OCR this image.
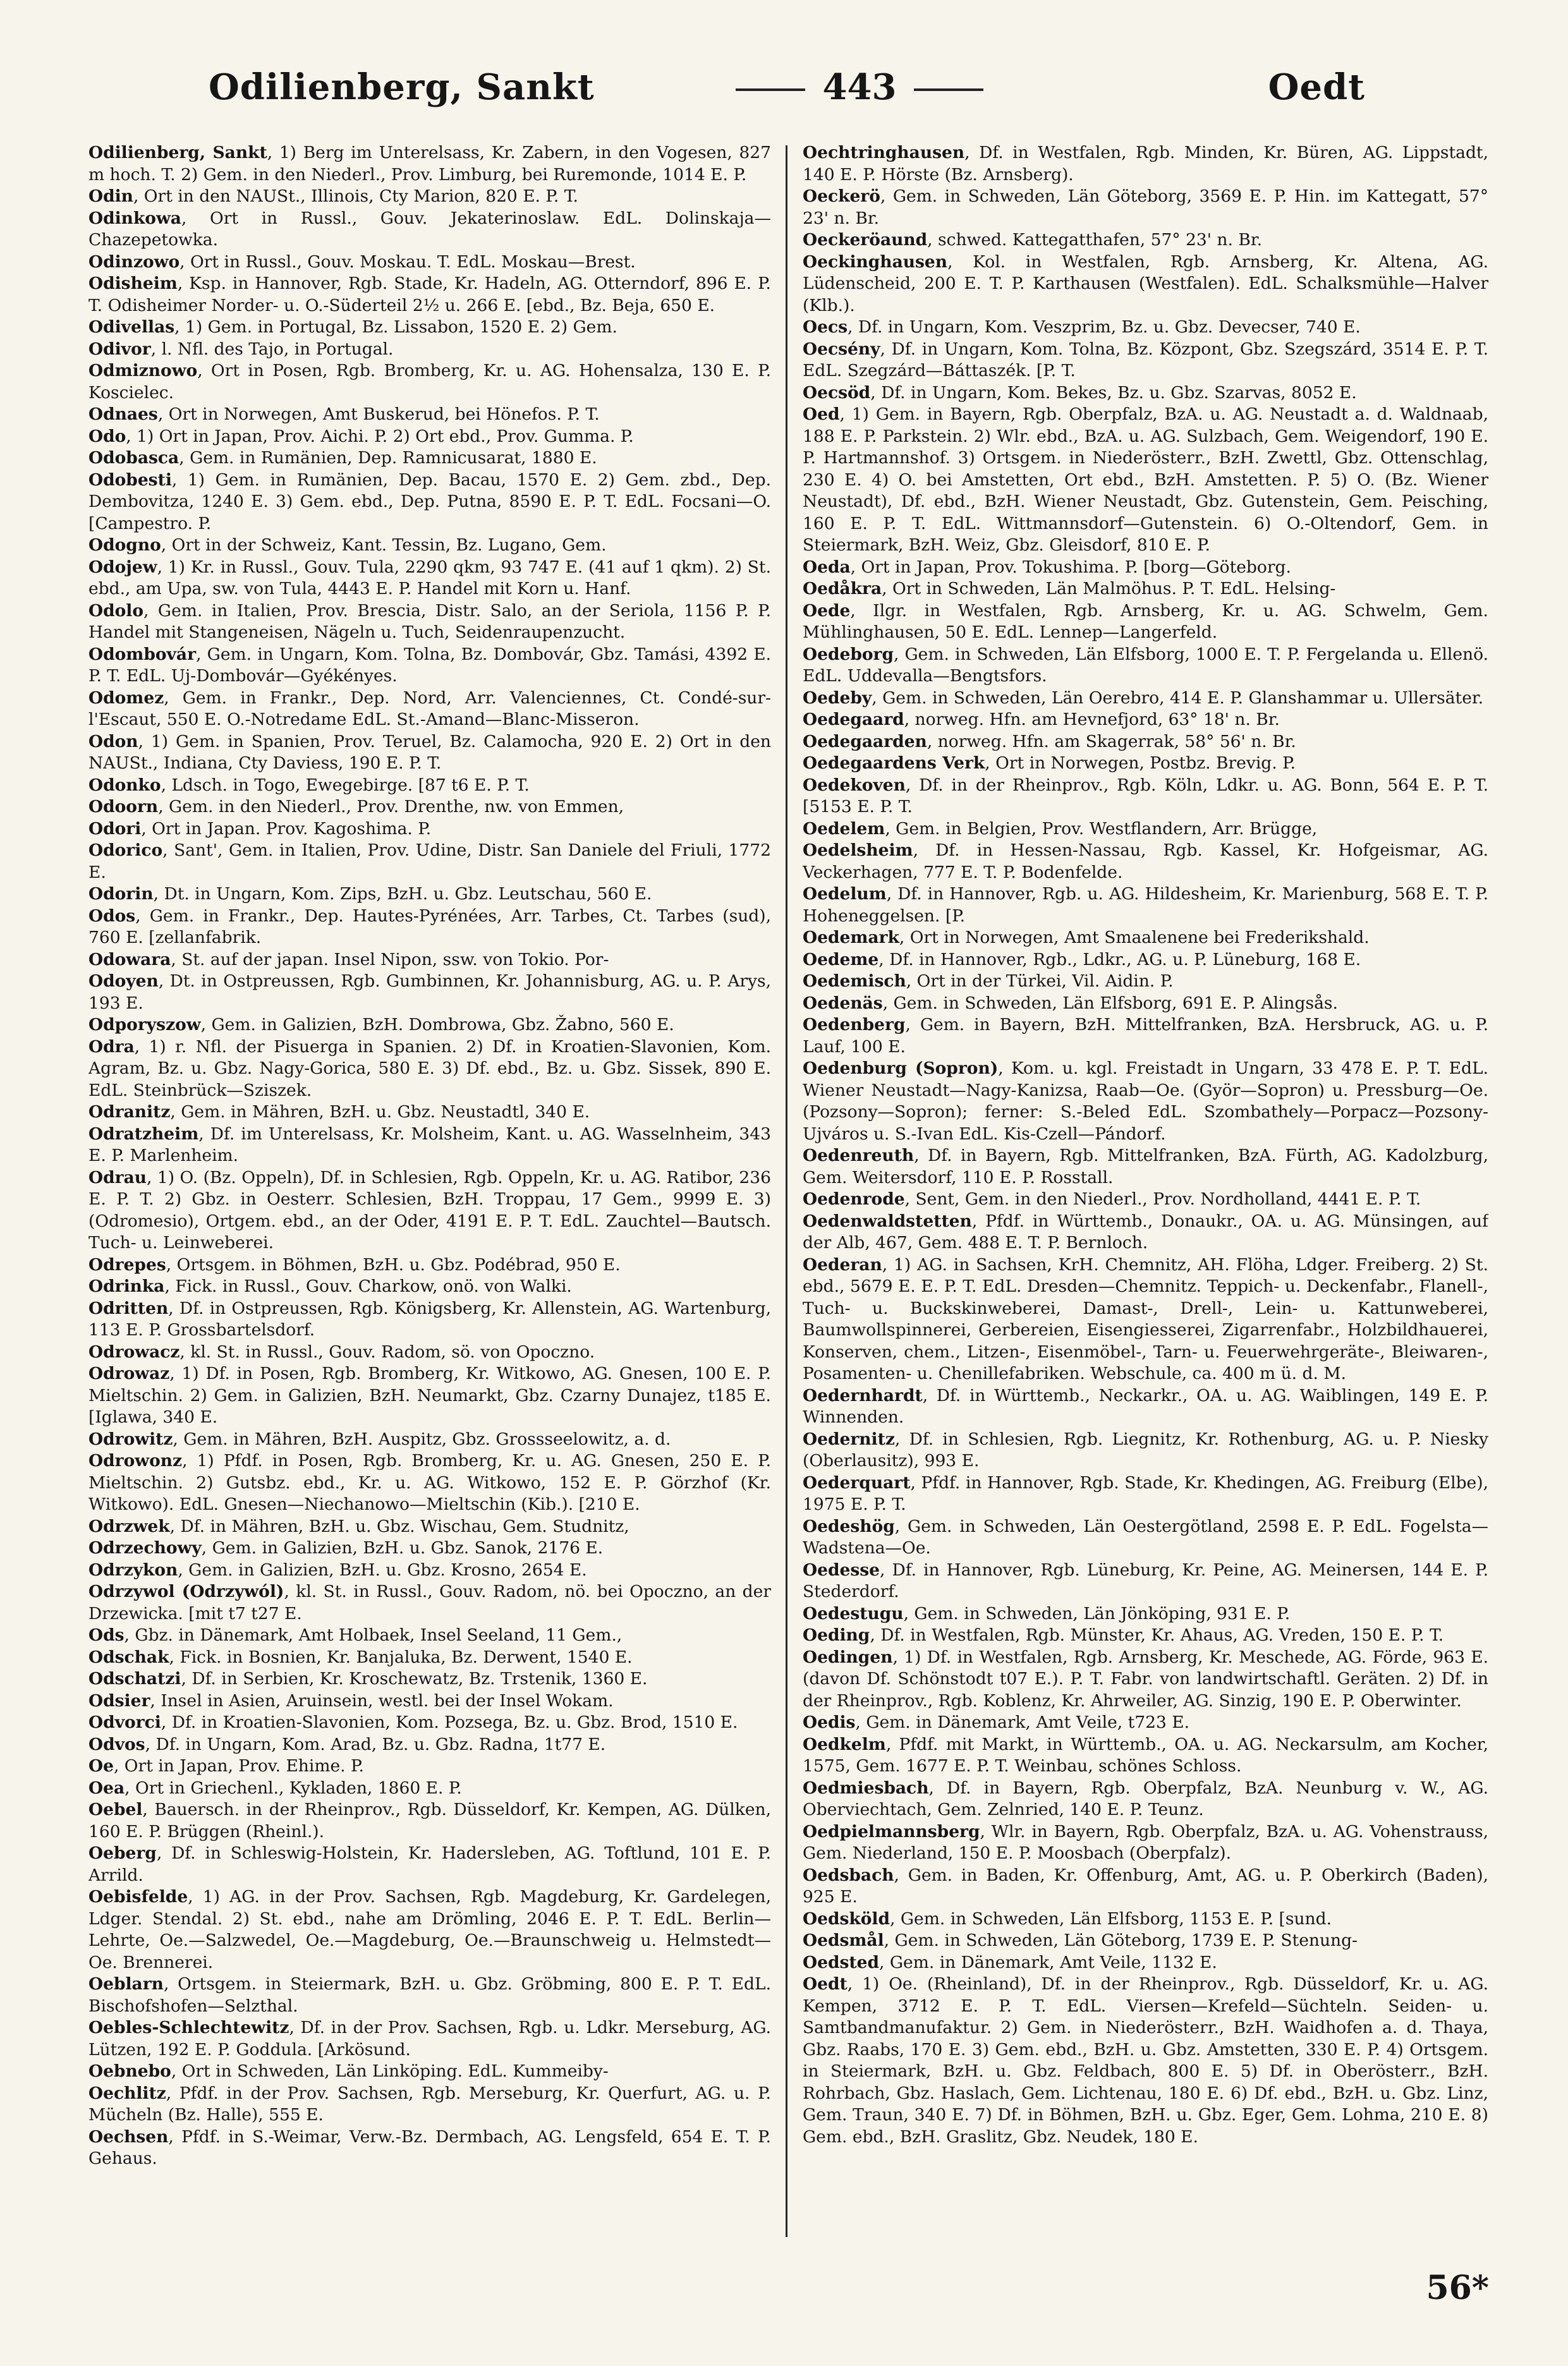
Odilienberg, Sankt	443	Oedt

Odilienberg, Sankt, 1) Berg im Unterelsass, Kr. Zabern, in den Vogesen, 827 m hoch. T. 2) Gem. in den Niederl., Prov. Limburg, bei Ruremonde, 1014 E. P.

Odin, Ort in den NAUSt., Illinois, Cty Marion, 820 E. P. T.

Odinkowa, Ort in Russl., Gouv. Jekaterinoslaw. EdL. Dolinskaja—Chazepetowka.

Odinzowo, Ort in Russl., Gouv. Moskau. T. EdL. Moskau—Brest.

Odisheim, Ksp. in Hannover, Rgb. Stade, Kr. Hadeln, AG. Otterndorf, 896 E. P. T. Odisheimer Norder- u. O.-Süderteil 2½ u. 266 E. [ebd., Bz. Beja, 650 E.

Odivellas, 1) Gem. in Portugal, Bz. Lissabon, 1520 E. 2) Gem.

Odivor, l. Nfl. des Tajo, in Portugal.

Odmiznowo, Ort in Posen, Rgb. Bromberg, Kr. u. AG. Hohensalza, 130 E. P. Koscielec.

Odnaes, Ort in Norwegen, Amt Buskerud, bei Hönefos. P. T.

Odo, 1) Ort in Japan, Prov. Aichi. P. 2) Ort ebd., Prov. Gumma. P.

Odobasca, Gem. in Rumänien, Dep. Ramnicusarat, 1880 E.

Odobesti, 1) Gem. in Rumänien, Dep. Bacau, 1570 E. 2) Gem. zbd., Dep. Dembovitza, 1240 E. 3) Gem. ebd., Dep. Putna, 8590 E. P. T. EdL. Focsani—O. [Campestro. P.

Odogno, Ort in der Schweiz, Kant. Tessin, Bz. Lugano, Gem.

Odojew, 1) Kr. in Russl., Gouv. Tula, 2290 qkm, 93 747 E. (41 auf 1 qkm). 2) St. ebd., am Upa, sw. von Tula, 4443 E. P. Handel mit Korn u. Hanf.

Odolo, Gem. in Italien, Prov. Brescia, Distr. Salo, an der Seriola, 1156 P. P. Handel mit Stangeneisen, Nägeln u. Tuch, Seidenraupenzucht.

Odombovár, Gem. in Ungarn, Kom. Tolna, Bz. Dombovár, Gbz. Tamási, 4392 E. P. T. EdL. Uj-Dombovár—Gyékényes.

Odomez, Gem. in Frankr., Dep. Nord, Arr. Valenciennes, Ct. Condé-sur-l'Escaut, 550 E. O.-Notredame EdL. St.-Amand—Blanc-Misseron.

Odon, 1) Gem. in Spanien, Prov. Teruel, Bz. Calamocha, 920 E. 2) Ort in den NAUSt., Indiana, Cty Daviess, 190 E. P. T.

Odonko, Ldsch. in Togo, Ewegebirge. [87 t6 E. P. T.

Odoorn, Gem. in den Niederl., Prov. Drenthe, nw. von Emmen,

Odori, Ort in Japan. Prov. Kagoshima. P.

Odorico, Sant', Gem. in Italien, Prov. Udine, Distr. San Daniele del Friuli, 1772 E.

Odorin, Dt. in Ungarn, Kom. Zips, BzH. u. Gbz. Leutschau, 560 E.

Odos, Gem. in Frankr., Dep. Hautes-Pyrénées, Arr. Tarbes, Ct. Tarbes (sud), 760 E. [zellanfabrik.

Odowara, St. auf der japan. Insel Nipon, ssw. von Tokio. Por-

Odoyen, Dt. in Ostpreussen, Rgb. Gumbinnen, Kr. Johannisburg, AG. u. P. Arys, 193 E.

Odporyszow, Gem. in Galizien, BzH. Dombrowa, Gbz. Žabno, 560 E.

Odra, 1) r. Nfl. der Pisuerga in Spanien. 2) Df. in Kroatien-Slavonien, Kom. Agram, Bz. u. Gbz. Nagy-Gorica, 580 E. 3) Df. ebd., Bz. u. Gbz. Sissek, 890 E. EdL. Steinbrück—Sziszek.

Odranitz, Gem. in Mähren, BzH. u. Gbz. Neustadtl, 340 E.

Odratzheim, Df. im Unterelsass, Kr. Molsheim, Kant. u. AG. Wasselnheim, 343 E. P. Marlenheim.

Odrau, 1) O. (Bz. Oppeln), Df. in Schlesien, Rgb. Oppeln, Kr. u. AG. Ratibor, 236 E. P. T. 2) Gbz. in Oesterr. Schlesien, BzH. Troppau, 17 Gem., 9999 E. 3) (Odromesio), Ortgem. ebd., an der Oder, 4191 E. P. T. EdL. Zauchtel—Bautsch. Tuch- u. Leinweberei.

Odrepes, Ortsgem. in Böhmen, BzH. u. Gbz. Podébrad, 950 E.

Odrinka, Fick. in Russl., Gouv. Charkow, onö. von Walki.

Odritten, Df. in Ostpreussen, Rgb. Königsberg, Kr. Allenstein, AG. Wartenburg, 113 E. P. Grossbartelsdorf.

Odrowacz, kl. St. in Russl., Gouv. Radom, sö. von Opoczno.

Odrowaz, 1) Df. in Posen, Rgb. Bromberg, Kr. Witkowo, AG. Gnesen, 100 E. P. Mieltschin. 2) Gem. in Galizien, BzH. Neumarkt, Gbz. Czarny Dunajez, t185 E. [Iglawa, 340 E.

Odrowitz, Gem. in Mähren, BzH. Auspitz, Gbz. Grossseelowitz, a. d.

Odrowonz, 1) Pfdf. in Posen, Rgb. Bromberg, Kr. u. AG. Gnesen, 250 E. P. Mieltschin. 2) Gutsbz. ebd., Kr. u. AG. Witkowo, 152 E. P. Görzhof (Kr. Witkowo). EdL. Gnesen—Niechanowo—Mieltschin (Kib.). [210 E.

Odrzwek, Df. in Mähren, BzH. u. Gbz. Wischau, Gem. Studnitz,

Odrzechowy, Gem. in Galizien, BzH. u. Gbz. Sanok, 2176 E.

Odrzykon, Gem. in Galizien, BzH. u. Gbz. Krosno, 2654 E.

Odrzywol (Odrzywól), kl. St. in Russl., Gouv. Radom, nö. bei Opoczno, an der Drzewicka. [mit t7 t27 E.

Ods, Gbz. in Dänemark, Amt Holbaek, Insel Seeland, 11 Gem.,

Odschak, Fick. in Bosnien, Kr. Banjaluka, Bz. Derwent, 1540 E.

Odschatzi, Df. in Serbien, Kr. Kroschewatz, Bz. Trstenik, 1360 E.

Odsier, Insel in Asien, Aruinsein, westl. bei der Insel Wokam.

Odvorci, Df. in Kroatien-Slavonien, Kom. Pozsega, Bz. u. Gbz. Brod, 1510 E.

Odvos, Df. in Ungarn, Kom. Arad, Bz. u. Gbz. Radna, 1t77 E.

Oe, Ort in Japan, Prov. Ehime. P.

Oea, Ort in Griechenl., Kykladen, 1860 E. P.

Oebel, Bauersch. in der Rheinprov., Rgb. Düsseldorf, Kr. Kempen, AG. Dülken, 160 E. P. Brüggen (Rheinl.).

Oeberg, Df. in Schleswig-Holstein, Kr. Hadersleben, AG. Toftlund, 101 E. P. Arrild.

Oebisfelde, 1) AG. in der Prov. Sachsen, Rgb. Magdeburg, Kr. Gardelegen, Ldger. Stendal. 2) St. ebd., nahe am Drömling, 2046 E. P. T. EdL. Berlin—Lehrte, Oe.—Salzwedel, Oe.—Magdeburg, Oe.—Braunschweig u. Helmstedt—Oe. Brennerei.

Oeblarn, Ortsgem. in Steiermark, BzH. u. Gbz. Gröbming, 800 E. P. T. EdL. Bischofshofen—Selzthal.

Oebles-Schlechtewitz, Df. in der Prov. Sachsen, Rgb. u. Ldkr. Merseburg, AG. Lützen, 192 E. P. Goddula. [Arkösund.

Oebnebo, Ort in Schweden, Län Linköping. EdL. Kummeiby-

Oechlitz, Pfdf. in der Prov. Sachsen, Rgb. Merseburg, Kr. Querfurt, AG. u. P. Mücheln (Bz. Halle), 555 E.

Oechsen, Pfdf. in S.-Weimar, Verw.-Bz. Dermbach, AG. Lengsfeld, 654 E. T. P. Gehaus.

Oechtringhausen, Df. in Westfalen, Rgb. Minden, Kr. Büren, AG. Lippstadt, 140 E. P. Hörste (Bz. Arnsberg).

Oeckerö, Gem. in Schweden, Län Göteborg, 3569 E. P. Hin. im Kattegatt, 57° 23' n. Br.

Oeckeröaund, schwed. Kattegatthafen, 57° 23' n. Br.

Oeckinghausen, Kol. in Westfalen, Rgb. Arnsberg, Kr. Altena, AG. Lüdenscheid, 200 E. T. P. Karthausen (Westfalen). EdL. Schalksmühle—Halver (Klb.).

Oecs, Df. in Ungarn, Kom. Veszprim, Bz. u. Gbz. Devecser, 740 E.

Oecsény, Df. in Ungarn, Kom. Tolna, Bz. Központ, Gbz. Szegszárd, 3514 E. P. T. EdL. Szegzárd—Báttaszék. [P. T.

Oecsöd, Df. in Ungarn, Kom. Bekes, Bz. u. Gbz. Szarvas, 8052 E.

Oed, 1) Gem. in Bayern, Rgb. Oberpfalz, BzA. u. AG. Neustadt a. d. Waldnaab, 188 E. P. Parkstein. 2) Wlr. ebd., BzA. u. AG. Sulzbach, Gem. Weigendorf, 190 E. P. Hartmannshof. 3) Ortsgem. in Niederösterr., BzH. Zwettl, Gbz. Ottenschlag, 230 E. 4) O. bei Amstetten, Ort ebd., BzH. Amstetten. P. 5) O. (Bz. Wiener Neustadt), Df. ebd., BzH. Wiener Neustadt, Gbz. Gutenstein, Gem. Peisching, 160 E. P. T. EdL. Wittmannsdorf—Gutenstein. 6) O.-Oltendorf, Gem. in Steiermark, BzH. Weiz, Gbz. Gleisdorf, 810 E. P.

Oeda, Ort in Japan, Prov. Tokushima. P. [borg—Göteborg.

Oedåkra, Ort in Schweden, Län Malmöhus. P. T. EdL. Helsing-

Oede, Ilgr. in Westfalen, Rgb. Arnsberg, Kr. u. AG. Schwelm, Gem. Mühlinghausen, 50 E. EdL. Lennep—Langerfeld.

Oedeborg, Gem. in Schweden, Län Elfsborg, 1000 E. T. P. Fergelanda u. Ellenö. EdL. Uddevalla—Bengtsfors.

Oedeby, Gem. in Schweden, Län Oerebro, 414 E. P. Glanshammar u. Ullersäter.

Oedegaard, norweg. Hfn. am Hevnefjord, 63° 18' n. Br.

Oedegaarden, norweg. Hfn. am Skagerrak, 58° 56' n. Br.

Oedegaardens Verk, Ort in Norwegen, Postbz. Brevig. P.

Oedekoven, Df. in der Rheinprov., Rgb. Köln, Ldkr. u. AG. Bonn, 564 E. P. T. [5153 E. P. T.

Oedelem, Gem. in Belgien, Prov. Westflandern, Arr. Brügge,

Oedelsheim, Df. in Hessen-Nassau, Rgb. Kassel, Kr. Hofgeismar, AG. Veckerhagen, 777 E. T. P. Bodenfelde.

Oedelum, Df. in Hannover, Rgb. u. AG. Hildesheim, Kr. Marienburg, 568 E. T. P. Hoheneggelsen. [P.

Oedemark, Ort in Norwegen, Amt Smaalenene bei Frederikshald.

Oedeme, Df. in Hannover, Rgb., Ldkr., AG. u. P. Lüneburg, 168 E.

Oedemisch, Ort in der Türkei, Vil. Aidin. P.

Oedenäs, Gem. in Schweden, Län Elfsborg, 691 E. P. Alingsås.

Oedenberg, Gem. in Bayern, BzH. Mittelfranken, BzA. Hersbruck, AG. u. P. Lauf, 100 E.

Oedenburg (Sopron), Kom. u. kgl. Freistadt in Ungarn, 33 478 E. P. T. EdL. Wiener Neustadt—Nagy-Kanizsa, Raab—Oe. (Györ—Sopron) u. Pressburg—Oe. (Pozsony—Sopron); ferner: S.-Beled EdL. Szombathely—Porpacz—Pozsony-Ujváros u. S.-Ivan EdL. Kis-Czell—Pándorf.

Oedenreuth, Df. in Bayern, Rgb. Mittelfranken, BzA. Fürth, AG. Kadolzburg, Gem. Weitersdorf, 110 E. P. Rosstall.

Oedenrode, Sent, Gem. in den Niederl., Prov. Nordholland, 4441 E. P. T.

Oedenwaldstetten, Pfdf. in Württemb., Donaukr., OA. u. AG. Münsingen, auf der Alb, 467, Gem. 488 E. T. P. Bernloch.

Oederan, 1) AG. in Sachsen, KrH. Chemnitz, AH. Flöha, Ldger. Freiberg. 2) St. ebd., 5679 E. E. P. T. EdL. Dresden—Chemnitz. Teppich- u. Deckenfabr., Flanell-, Tuch- u. Buckskinweberei, Damast-, Drell-, Lein- u. Kattunweberei, Baumwollspinnerei, Gerbereien, Eisengiesserei, Zigarrenfabr., Holzbildhauerei, Konserven, chem., Litzen-, Eisenmöbel-, Tarn- u. Feuerwehrgeräte-, Bleiwaren-, Posamenten- u. Chenillefabriken. Webschule, ca. 400 m ü. d. M.

Oedernhardt, Df. in Württemb., Neckarkr., OA. u. AG. Waiblingen, 149 E. P. Winnenden.

Oedernitz, Df. in Schlesien, Rgb. Liegnitz, Kr. Rothenburg, AG. u. P. Niesky (Oberlausitz), 993 E.

Oederquart, Pfdf. in Hannover, Rgb. Stade, Kr. Khedingen, AG. Freiburg (Elbe), 1975 E. P. T.

Oedeshög, Gem. in Schweden, Län Oestergötland, 2598 E. P. EdL. Fogelsta—Wadstena—Oe.

Oedesse, Df. in Hannover, Rgb. Lüneburg, Kr. Peine, AG. Meinersen, 144 E. P. Stederdorf.

Oedestugu, Gem. in Schweden, Län Jönköping, 931 E. P.

Oeding, Df. in Westfalen, Rgb. Münster, Kr. Ahaus, AG. Vreden, 150 E. P. T.

Oedingen, 1) Df. in Westfalen, Rgb. Arnsberg, Kr. Meschede, AG. Förde, 963 E. (davon Df. Schönstodt t07 E.). P. T. Fabr. von landwirtschaftl. Geräten. 2) Df. in der Rheinprov., Rgb. Koblenz, Kr. Ahrweiler, AG. Sinzig, 190 E. P. Oberwinter.

Oedis, Gem. in Dänemark, Amt Veile, t723 E.

Oedkelm, Pfdf. mit Markt, in Württemb., OA. u. AG. Neckarsulm, am Kocher, 1575, Gem. 1677 E. P. T. Weinbau, schönes Schloss.

Oedmiesbach, Df. in Bayern, Rgb. Oberpfalz, BzA. Neunburg v. W., AG. Oberviechtach, Gem. Zelnried, 140 E. P. Teunz.

Oedpielmannsberg, Wlr. in Bayern, Rgb. Oberpfalz, BzA. u. AG. Vohenstrauss, Gem. Niederland, 150 E. P. Moosbach (Oberpfalz).

Oedsbach, Gem. in Baden, Kr. Offenburg, Amt, AG. u. P. Oberkirch (Baden), 925 E.

Oedsköld, Gem. in Schweden, Län Elfsborg, 1153 E. P. [sund.

Oedsmål, Gem. in Schweden, Län Göteborg, 1739 E. P. Stenung-

Oedsted, Gem. in Dänemark, Amt Veile, 1132 E.

Oedt, 1) Oe. (Rheinland), Df. in der Rheinprov., Rgb. Düsseldorf, Kr. u. AG. Kempen, 3712 E. P. T. EdL. Viersen—Krefeld—Süchteln. Seiden- u. Samtbandmanufaktur. 2) Gem. in Niederösterr., BzH. Waidhofen a. d. Thaya, Gbz. Raabs, 170 E. 3) Gem. ebd., BzH. u. Gbz. Amstetten, 330 E. P. 4) Ortsgem. in Steiermark, BzH. u. Gbz. Feldbach, 800 E. 5) Df. in Oberösterr., BzH. Rohrbach, Gbz. Haslach, Gem. Lichtenau, 180 E. 6) Df. ebd., BzH. u. Gbz. Linz, Gem. Traun, 340 E. 7) Df. in Böhmen, BzH. u. Gbz. Eger, Gem. Lohma, 210 E. 8) Gem. ebd., BzH. Graslitz, Gbz. Neudek, 180 E.

56*
